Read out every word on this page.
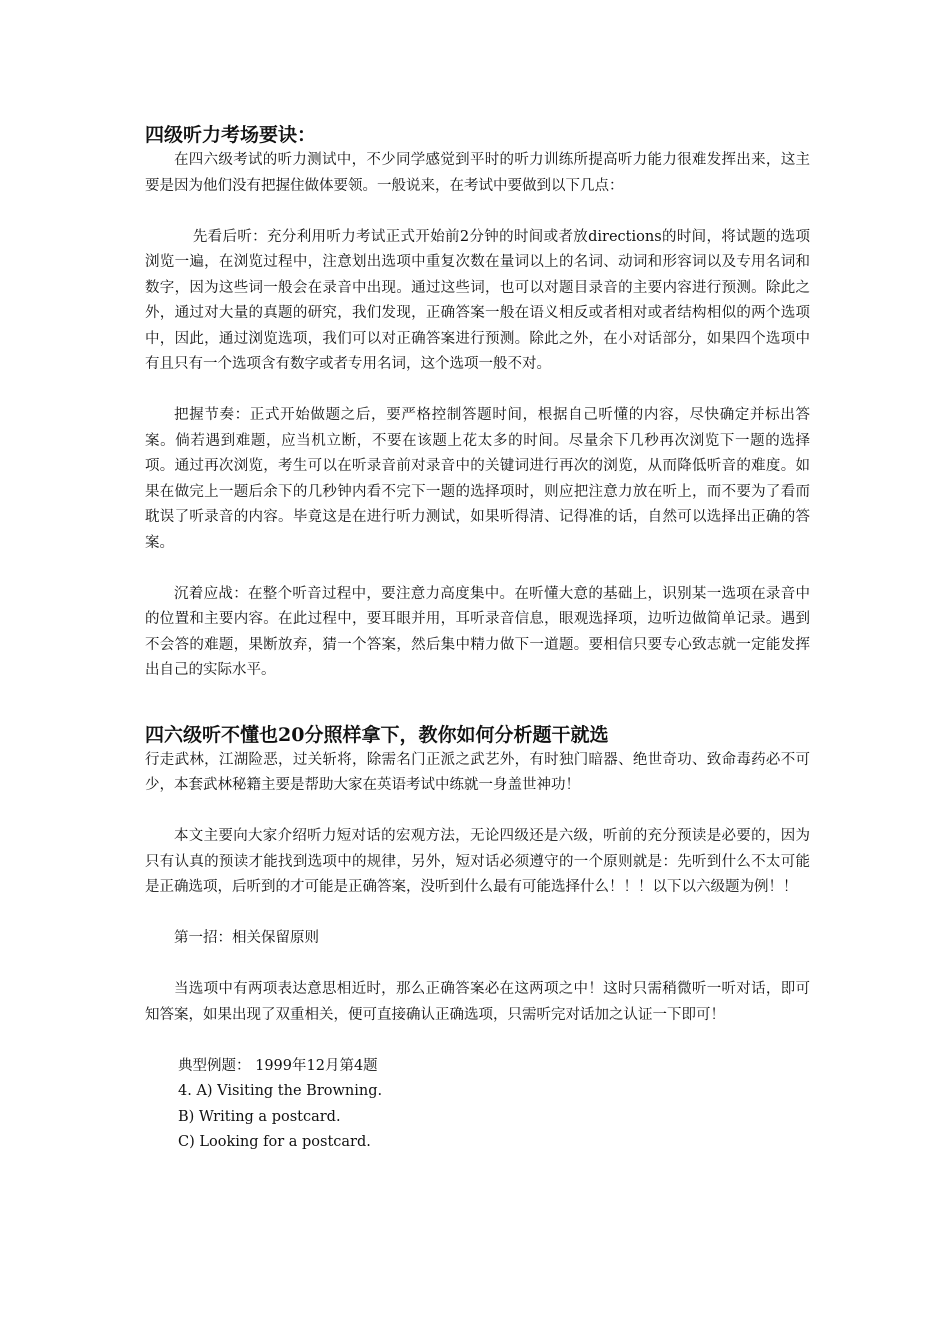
四级听力考场要诀：

在四六级考试的听力测试中，不少同学感觉到平时的听力训练所提高听力能力很难发挥出来，这主要是因为他们没有把握住做体要领。一般说来，在考试中要做到以下几点：

先看后听：充分利用听力考试正式开始前2分钟的时间或者放directions的时间，将试题的选项浏览一遍，在浏览过程中，注意划出选项中重复次数在量词以上的名词、动词和形容词以及专用名词和数字，因为这些词一般会在录音中出现。通过这些词，也可以对题目录音的主要内容进行预测。除此之外，通过对大量的真题的研究，我们发现，正确答案一般在语义相反或者相对或者结构相似的两个选项中，因此，通过浏览选项，我们可以对正确答案进行预测。除此之外，在小对话部分，如果四个选项中有且只有一个选项含有数字或者专用名词，这个选项一般不对。

把握节奏：正式开始做题之后，要严格控制答题时间，根据自己听懂的内容，尽快确定并标出答案。倘若遇到难题，应当机立断，不要在该题上花太多的时间。尽量余下几秒再次浏览下一题的选择项。通过再次浏览，考生可以在听录音前对录音中的关键词进行再次的浏览，从而降低听音的难度。如果在做完上一题后余下的几秒钟内看不完下一题的选择项时，则应把注意力放在听上，而不要为了看而耽误了听录音的内容。毕竟这是在进行听力测试，如果听得清、记得准的话，自然可以选择出正确的答案。

沉着应战：在整个听音过程中，要注意力高度集中。在听懂大意的基础上，识别某一选项在录音中的位置和主要内容。在此过程中，要耳眼并用，耳听录音信息，眼观选择项，边听边做简单记录。遇到不会答的难题，果断放弃，猜一个答案，然后集中精力做下一道题。要相信只要专心致志就一定能发挥出自己的实际水平。

四六级听不懂也20分照样拿下，教你如何分析题干就选

行走武林，江湖险恶，过关斩将，除需名门正派之武艺外，有时独门暗器、绝世奇功、致命毒药必不可少，本套武林秘籍主要是帮助大家在英语考试中练就一身盖世神功！

本文主要向大家介绍听力短对话的宏观方法，无论四级还是六级，听前的充分预读是必要的，因为只有认真的预读才能找到选项中的规律，另外，短对话必须遵守的一个原则就是：先听到什么不太可能是正确选项，后听到的才可能是正确答案，没听到什么最有可能选择什么！！！以下以六级题为例！！

第一招：相关保留原则

当选项中有两项表达意思相近时，那么正确答案必在这两项之中！这时只需稍微听一听对话，即可知答案，如果出现了双重相关，便可直接确认正确选项，只需听完对话加之认证一下即可！

典型例题： 1999年12月第4题

4. A) Visiting the Browning.

B) Writing a postcard.

C) Looking for a postcard.
